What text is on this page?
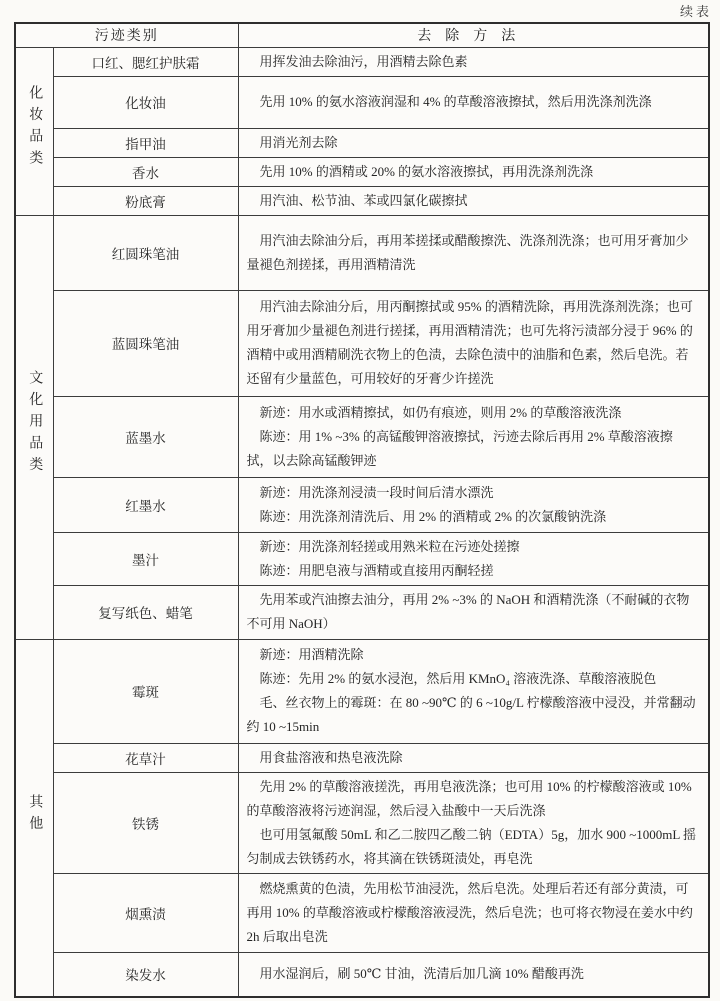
续表
污迹类别		去除方法
化妆品类	口红、腮红护肤霜	用挥发油去除油污，用酒精去除色素

	化妆油	先用 10% 的氨水溶液润湿和 4% 的草酸溶液擦拭，然后用洗涤剂洗涤

	指甲油	用消光剂去除

	香水	先用 10% 的酒精或 20% 的氨水溶液擦拭，再用洗涤剂洗涤

	粉底膏	用汽油、松节油、苯或四氯化碳擦拭

文化用品类	红圆珠笔油	用汽油去除油分后，再用苯搓揉或醋酸擦洗、洗涤剂洗涤；也可用牙膏加少量褪色剂搓揉，再用酒精清洗

	蓝圆珠笔油	用汽油去除油分后，用丙酮擦拭或 95% 的酒精洗除，再用洗涤剂洗涤；也可用牙膏加少量褪色剂进行搓揉，再用酒精清洗；也可先将污渍部分浸于 96% 的酒精中或用酒精刷洗衣物上的色渍，去除色渍中的油脂和色素，然后皂洗。若还留有少量蓝色，可用较好的牙膏少许搓洗

	蓝墨水	新迹：用水或酒精擦拭，如仍有痕迹，则用 2% 的草酸溶液洗涤

陈迹：用 1% ~3% 的高锰酸钾溶液擦拭，污迹去除后再用 2% 草酸溶液擦拭，以去除高锰酸钾迹

	红墨水	新迹：用洗涤剂浸渍一段时间后清水漂洗

陈迹：用洗涤剂清洗后、用 2% 的酒精或 2% 的次氯酸钠洗涤

	墨汁	新迹：用洗涤剂轻搓或用熟米粒在污迹处搓擦

陈迹：用肥皂液与酒精或直接用丙酮轻搓

	复写纸色、蜡笔	先用苯或汽油擦去油分，再用 2% ~3% 的 NaOH 和酒精洗涤（不耐碱的衣物不可用 NaOH）

其他	霉斑	新迹：用酒精洗除

陈迹：先用 2% 的氨水浸泡，然后用 KMnO₄ 溶液洗涤、草酸溶液脱色

毛、丝衣物上的霉斑：在 80 ~90℃ 的 6 ~10g/L 柠檬酸溶液中浸没，并常翻动约 10 ~15min

	花草汁	用食盐溶液和热皂液洗除

	铁锈	先用 2% 的草酸溶液搓洗，再用皂液洗涤；也可用 10% 的柠檬酸溶液或 10% 的草酸溶液将污迹润湿，然后浸入盐酸中一天后洗涤

也可用氢氟酸 50mL 和乙二胺四乙酸二钠（EDTA）5g，加水 900 ~1000mL 摇匀制成去铁锈药水，将其滴在铁锈斑渍处，再皂洗

	烟熏渍	燃烧熏黄的色渍，先用松节油浸洗，然后皂洗。处理后若还有部分黄渍，可再用 10% 的草酸溶液或柠檬酸溶液浸洗，然后皂洗；也可将衣物浸在姜水中约 2h 后取出皂洗

	染发水	用水湿润后，刷 50℃ 甘油，洗清后加几滴 10% 醋酸再洗
